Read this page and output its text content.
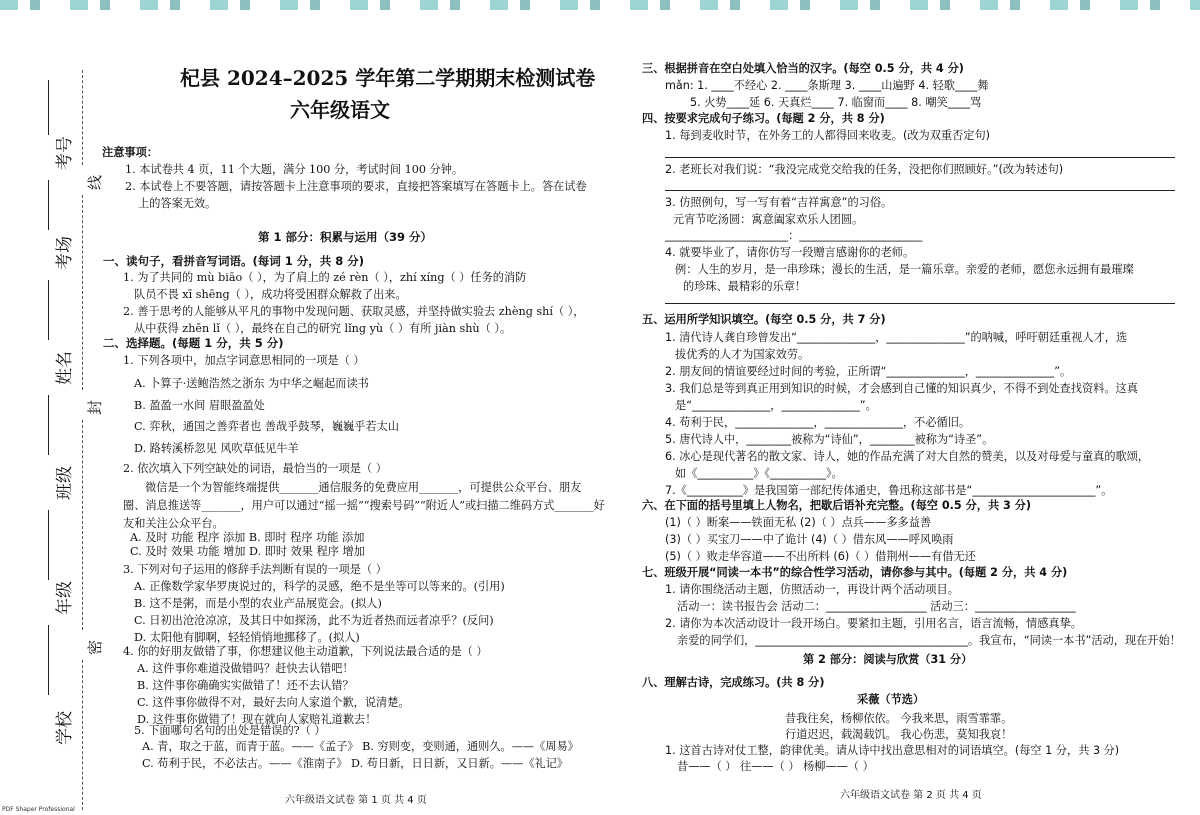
考号
考场
姓名
班级
年级
学校
线
封
密
杞县 2024–2025 学年第二学期期末检测试卷
六年级语文
注意事项：
1. 本试卷共 4 页，11 个大题，满分 100 分，考试时间 100 分钟。
2. 本试卷上不要答题，请按答题卡上注意事项的要求，直接把答案填写在答题卡上。答在试卷
上的答案无效。
第 1 部分：积累与运用（39 分）
一、读句子，看拼音写词语。(每词 1 分，共 8 分)
1. 为了共同的 mù biāo（ ），为了肩上的 zé rèn（ ），zhí xíng（ ）任务的消防
队员不畏 xī shēng（ ），成功将受困群众解救了出来。
2. 善于思考的人能够从平凡的事物中发现问题、获取灵感，并坚持做实验去 zhèng shí（ ），
从中获得 zhēn lǐ（ ），最终在自己的研究 lǐng yù（ ）有所 jiàn shù（ ）。
二、选择题。(每题 1 分，共 5 分)
1. 下列各项中，加点字词意思相同的一项是（ ）
A. 卜算子·送鲍浩然之浙东 为中华之崛起而读书
B. 盈盈一水间 眉眼盈盈处
C. 弈秋，通国之善弈者也 善哉乎鼓琴，巍巍乎若太山
D. 路转溪桥忽见 风吹草低见牛羊
2. 依次填入下列空缺处的词语，最恰当的一项是（ ）
微信是一个为智能终端提供_______通信服务的免费应用_______，可提供公众平台、朋友
圈、消息推送等_______，用户可以通过“摇一摇”“搜索号码”“附近人”或扫描二维码方式_______好
友和关注公众平台。
A. 及时 功能 程序 添加 B. 即时 程序 功能 添加
C. 及时 效果 功能 增加 D. 即时 效果 程序 增加
3. 下列对句子运用的修辞手法判断有误的一项是（ ）
A. 正像数学家华罗庚说过的，科学的灵感，绝不是坐等可以等来的。(引用)
B. 这不是粥，而是小型的农业产品展览会。(拟人)
C. 日初出沧沧凉凉，及其日中如探汤，此不为近者热而远者凉乎？(反问)
D. 太阳他有脚啊，轻轻悄悄地挪移了。(拟人)
4. 你的好朋友做错了事，你想建议他主动道歉，下列说法最合适的是（ ）
A. 这件事你难道没做错吗？赶快去认错吧！
B. 这件事你确确实实做错了！还不去认错？
C. 这件事你做得不对，最好去向人家道个歉，说清楚。
D. 这件事你做错了！现在就向人家赔礼道歉去！
5. 下面哪句名句的出处是错误的?（ ）
A. 青，取之于蓝，而青于蓝。——《孟子》 B. 穷则变，变则通，通则久。——《周易》
C. 苟利于民，不必法古。——《淮南子》 D. 苟日新，日日新，又日新。——《礼记》
六年级语文试卷 第 1 页 共 4 页
三、根据拼音在空白处填入恰当的汉字。(每空 0.5 分，共 4 分)
mǎn: 1. ____不经心 2. ____条斯理 3. ____山遍野 4. 轻歌____舞
5. 火势____延 6. 天真烂____ 7. 临窗而____ 8. 嘲笑____骂
四、按要求完成句子练习。(每题 2 分，共 8 分)
1. 每到麦收时节，在外务工的人都得回来收麦。(改为双重否定句)
2. 老班长对我们说：“我没完成党交给我的任务，没把你们照顾好。”(改为转述句)
3. 仿照例句，写一写有着“吉祥寓意”的习俗。
元宵节吃汤圆：寓意阖家欢乐人团圆。
______________________：______________________
4. 就要毕业了，请你仿写一段赠言感谢你的老师。
例：人生的岁月，是一串珍珠；漫长的生活，是一篇乐章。亲爱的老师，愿您永远拥有最璀璨
的珍珠、最精彩的乐章！
五、运用所学知识填空。(每空 0.5 分，共 7 分)
1. 清代诗人龚自珍曾发出“______________，______________”的呐喊，呼吁朝廷重视人才，选
拔优秀的人才为国家效劳。
2. 朋友间的情谊要经过时间的考验，正所谓“______________，______________”。
3. 我们总是等到真正用到知识的时候，才会感到自己懂的知识真少，不得不到处查找资料。这真
是“______________，______________”。
4. 苟利于民，______________，______________，不必循旧。
5. 唐代诗人中，________被称为“诗仙”，________被称为“诗圣”。
6. 冰心是现代著名的散文家、诗人，她的作品充满了对大自然的赞美，以及对母爱与童真的歌颂，
如《__________》《__________》。
7.《__________》是我国第一部纪传体通史，鲁迅称这部书是“______________________”。
六、在下面的括号里填上人物名，把歇后语补充完整。(每空 0.5 分，共 3 分)
(1)（ ）断案——铁面无私 (2)（ ）点兵——多多益善
(3)（ ）买宝刀——中了诡计 (4)（ ）借东风——呼风唤雨
(5)（ ）败走华容道——不出所料 (6)（ ）借荆州——有借无还
七、班级开展“同读一本书”的综合性学习活动，请你参与其中。(每题 2 分，共 4 分)
1. 请你围绕活动主题，仿照活动一，再设计两个活动项目。
活动一：读书报告会 活动二：__________________ 活动三：__________________
2. 请你为本次活动设计一段开场白。要紧扣主题，引用名言，语言流畅，情感真挚。
亲爱的同学们，______________________________________。我宣布，“同读一本书”活动，现在开始！
第 2 部分：阅读与欣赏（31 分）
八、理解古诗，完成练习。(共 8 分)
采薇（节选）
昔我往矣，杨柳依依。 今我来思，雨雪霏霏。
行道迟迟，载渴载饥。 我心伤悲，莫知我哀！
1. 这首古诗对仗工整，韵律优美。请从诗中找出意思相对的词语填空。(每空 1 分，共 3 分)
昔——（ ） 往——（ ） 杨柳——（ ）
六年级语文试卷 第 2 页 共 4 页
PDF Shaper Professional
